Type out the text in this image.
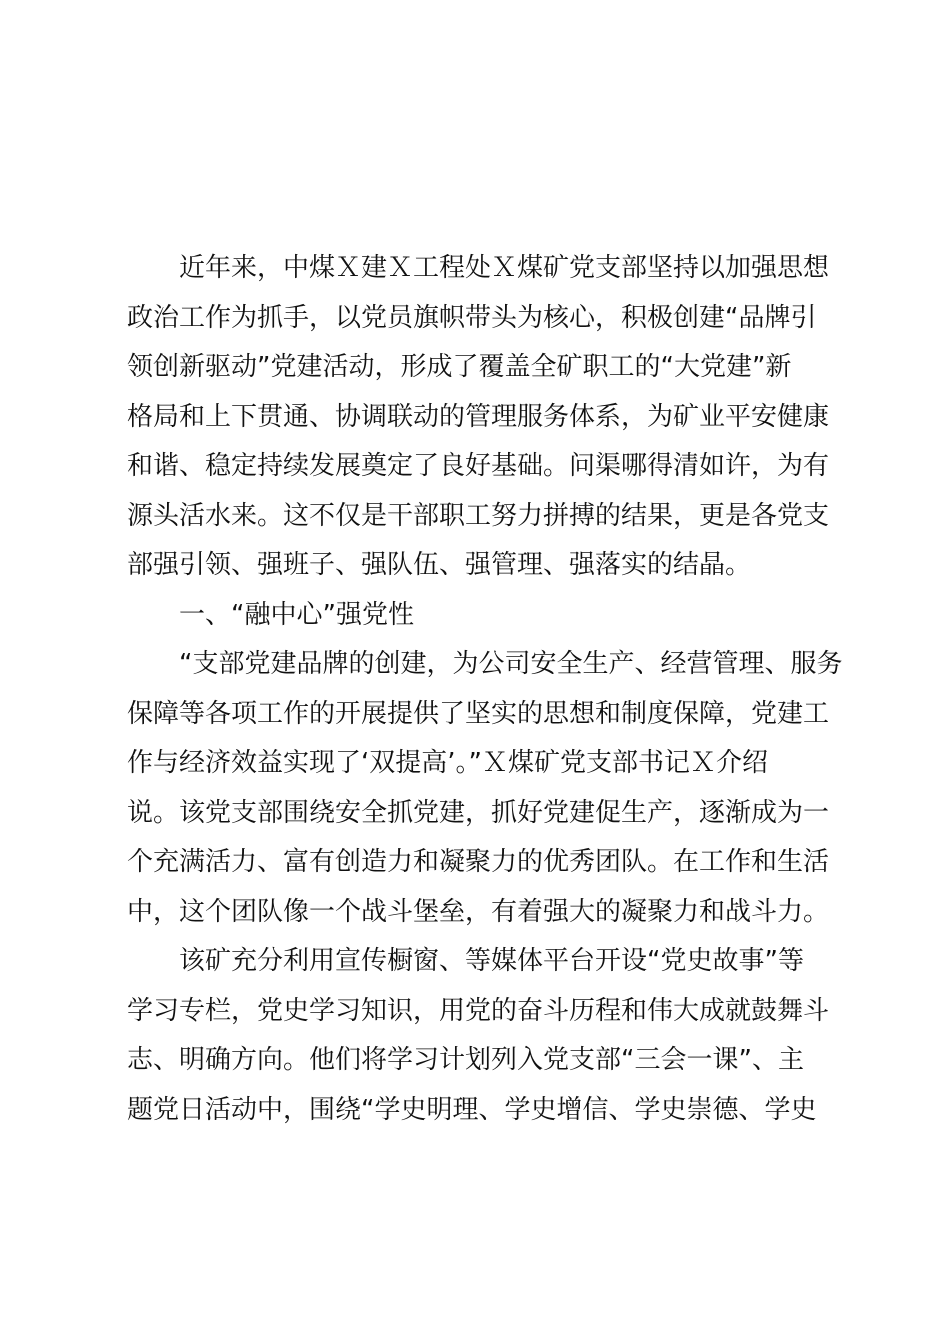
近年来，中煤Ｘ建Ｘ工程处Ｘ煤矿党支部坚持以加强思想
政治工作为抓手，以党员旗帜带头为核心，积极创建“品牌引
领创新驱动”党建活动，形成了覆盖全矿职工的“大党建”新
格局和上下贯通、协调联动的管理服务体系，为矿业平安健康
和谐、稳定持续发展奠定了良好基础。问渠哪得清如许，为有
源头活水来。这不仅是干部职工努力拼搏的结果，更是各党支
部强引领、强班子、强队伍、强管理、强落实的结晶。
一、“融中心”强党性
“支部党建品牌的创建，为公司安全生产、经营管理、服务
保障等各项工作的开展提供了坚实的思想和制度保障，党建工
作与经济效益实现了‘双提高’。”Ｘ煤矿党支部书记Ｘ介绍
说。该党支部围绕安全抓党建，抓好党建促生产，逐渐成为一
个充满活力、富有创造力和凝聚力的优秀团队。在工作和生活
中，这个团队像一个战斗堡垒，有着强大的凝聚力和战斗力。
该矿充分利用宣传橱窗、等媒体平台开设“党史故事”等
学习专栏，党史学习知识，用党的奋斗历程和伟大成就鼓舞斗
志、明确方向。他们将学习计划列入党支部“三会一课”、主
题党日活动中，围绕“学史明理、学史增信、学史崇德、学史
